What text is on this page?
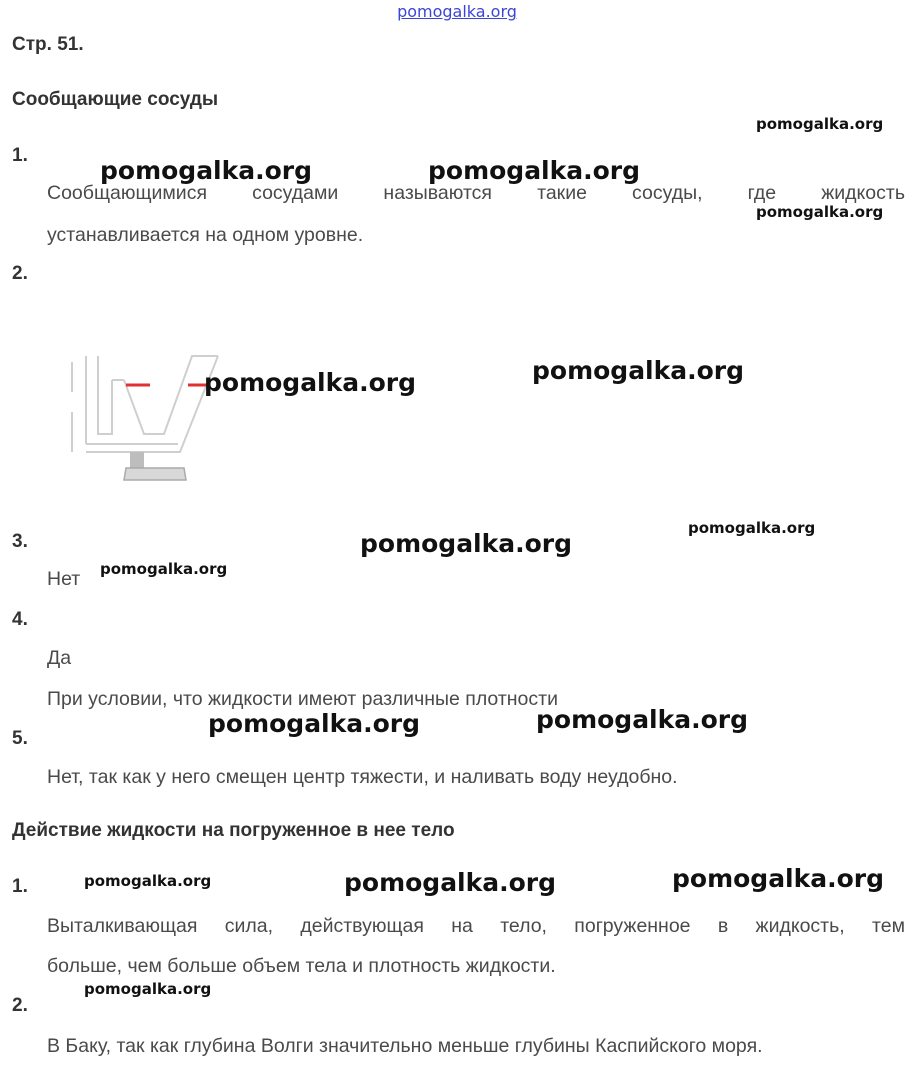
pomogalka.org
Стр. 51.
Сообщающие сосуды
1.
Сообщающимися сосудами называются такие сосуды, где жидкость
устанавливается на одном уровне.
2.
3.
Нет
4.
Да
При условии, что жидкости имеют различные плотности
5.
Нет, так как у него смещен центр тяжести, и наливать воду неудобно.
Действие жидкости на погруженное в нее тело
1.
Выталкивающая сила, действующая на тело, погруженное в жидкость, тем
больше, чем больше объем тела и плотность жидкости.
2.
В Баку, так как глубина Волги значительно меньше глубины Каспийского моря.
pomogalka.org
pomogalka.org	pomogalka.org
pomogalka.org
pomogalka.org	pomogalka.org
pomogalka.org
pomogalka.org
pomogalka.org
pomogalka.org	pomogalka.org
pomogalka.org	pomogalka.org	pomogalka.org
pomogalka.org
